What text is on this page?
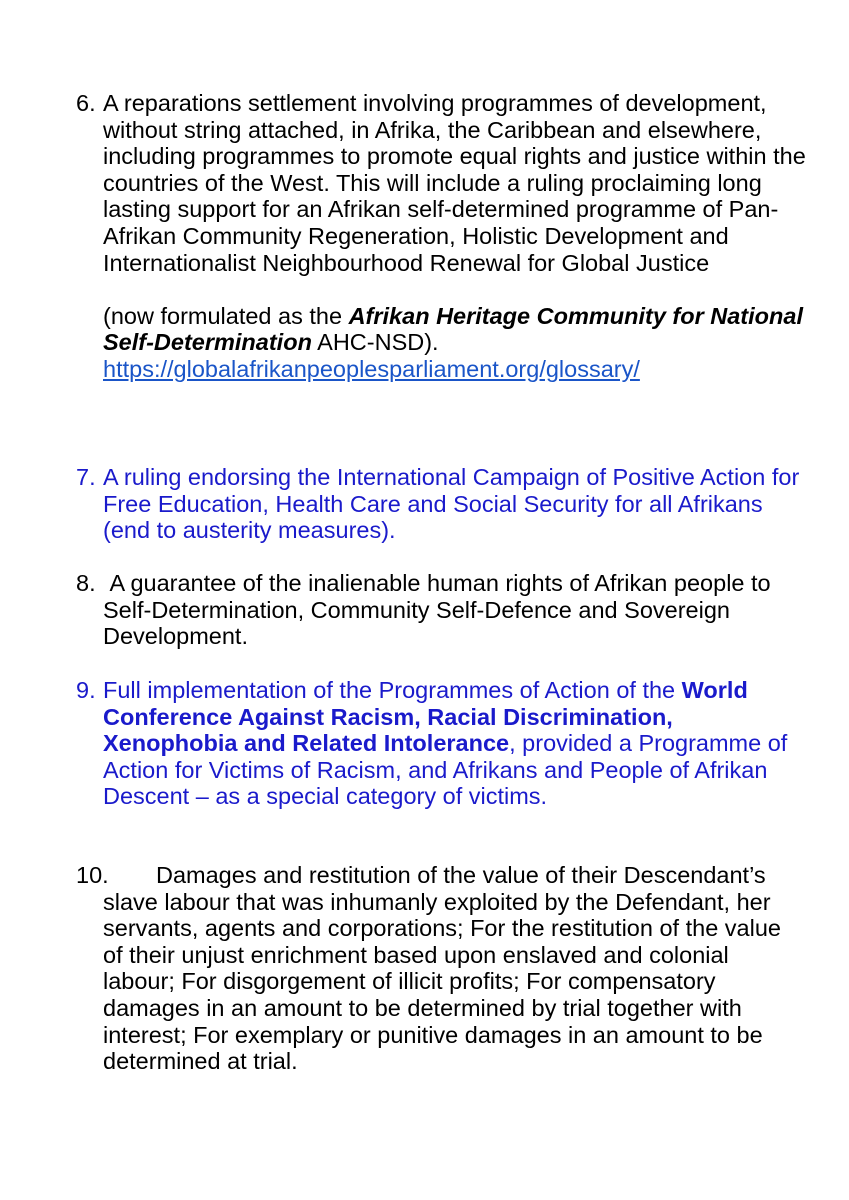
6. A reparations settlement involving programmes of development, without string attached, in Afrika, the Caribbean and elsewhere, including programmes to promote equal rights and justice within the countries of the West. This will include a ruling proclaiming long lasting support for an Afrikan self-determined programme of Pan-Afrikan Community Regeneration, Holistic Development and Internationalist Neighbourhood Renewal for Global Justice
(now formulated as the Afrikan Heritage Community for National Self-Determination AHC-NSD).
https://globalafrikanpeoplesparliament.org/glossary/
7. A ruling endorsing the International Campaign of Positive Action for Free Education, Health Care and Social Security for all Afrikans (end to austerity measures).
8. A guarantee of the inalienable human rights of Afrikan people to Self-Determination, Community Self-Defence and Sovereign Development.
9. Full implementation of the Programmes of Action of the World Conference Against Racism, Racial Discrimination, Xenophobia and Related Intolerance, provided a Programme of Action for Victims of Racism, and Afrikans and People of Afrikan Descent – as a special category of victims.
10.	Damages and restitution of the value of their Descendant’s slave labour that was inhumanly exploited by the Defendant, her servants, agents and corporations; For the restitution of the value of their unjust enrichment based upon enslaved and colonial labour; For disgorgement of illicit profits; For compensatory damages in an amount to be determined by trial together with interest; For exemplary or punitive damages in an amount to be determined at trial.
